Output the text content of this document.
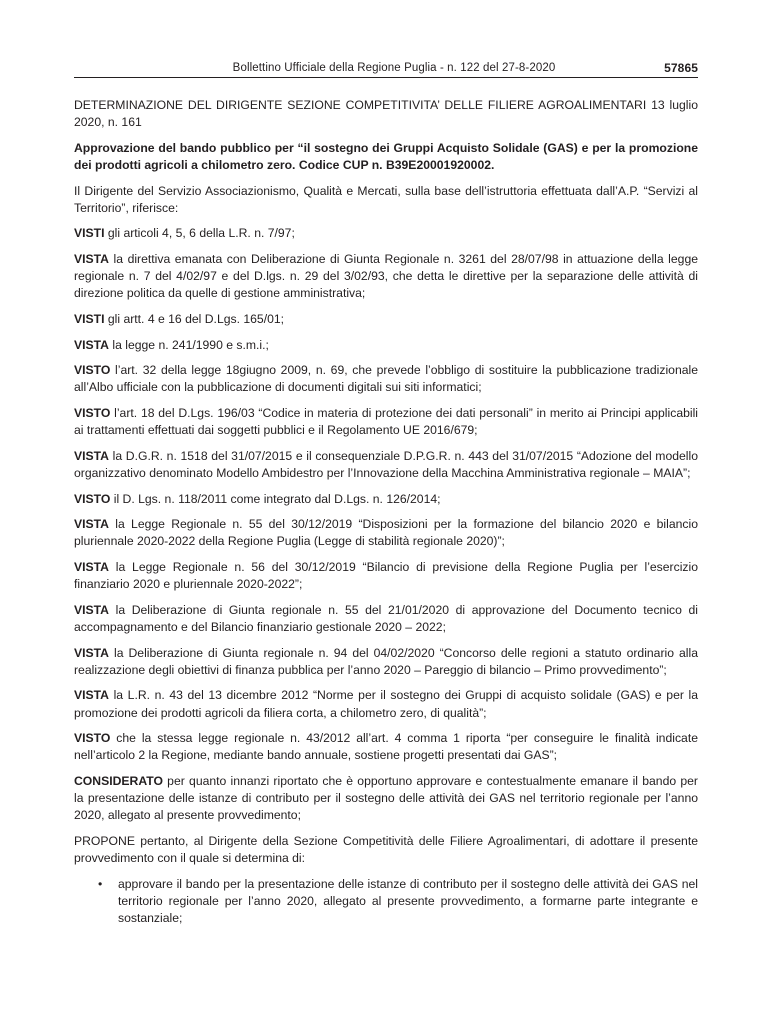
Bollettino Ufficiale della Regione Puglia - n. 122 del 27-8-2020	57865

DETERMINAZIONE DEL DIRIGENTE SEZIONE COMPETITIVITA’ DELLE FILIERE AGROALIMENTARI 13 luglio 2020, n. 161

Approvazione del bando pubblico per “il sostegno dei Gruppi Acquisto Solidale (GAS) e per la promozione dei prodotti agricoli a chilometro zero. Codice CUP n. B39E20001920002.

Il Dirigente del Servizio Associazionismo, Qualità e Mercati, sulla base dell’istruttoria effettuata dall’A.P. “Servizi al Territorio”, riferisce:

VISTI gli articoli 4, 5, 6 della L.R. n. 7/97;

VISTA la direttiva emanata con Deliberazione di Giunta Regionale n. 3261 del 28/07/98 in attuazione della legge regionale n. 7 del 4/02/97 e del D.lgs. n. 29 del 3/02/93, che detta le direttive per la separazione delle attività di direzione politica da quelle di gestione amministrativa;

VISTI gli artt. 4 e 16 del D.Lgs. 165/01;

VISTA la legge n. 241/1990 e s.m.i.;

VISTO l’art. 32 della legge 18giugno 2009, n. 69, che prevede l’obbligo di sostituire la pubblicazione tradizionale all’Albo ufficiale con la pubblicazione di documenti digitali sui siti informatici;

VISTO l’art. 18 del D.Lgs. 196/03 “Codice in materia di protezione dei dati personali” in merito ai Principi applicabili ai trattamenti effettuati dai soggetti pubblici e il Regolamento UE 2016/679;

VISTA la D.G.R. n. 1518 del 31/07/2015 e il consequenziale D.P.G.R. n. 443 del 31/07/2015 “Adozione del modello organizzativo denominato Modello Ambidestro per l’Innovazione della Macchina Amministrativa regionale – MAIA”;

VISTO il D. Lgs. n. 118/2011 come integrato dal D.Lgs. n. 126/2014;

VISTA la Legge Regionale n. 55 del 30/12/2019 “Disposizioni per la formazione del bilancio 2020 e bilancio pluriennale 2020-2022 della Regione Puglia (Legge di stabilità regionale 2020)”;

VISTA la Legge Regionale n. 56 del 30/12/2019 “Bilancio di previsione della Regione Puglia per l’esercizio finanziario 2020 e pluriennale 2020-2022”;

VISTA la Deliberazione di Giunta regionale n. 55 del 21/01/2020 di approvazione del Documento tecnico di accompagnamento e del Bilancio finanziario gestionale 2020 – 2022;

VISTA la Deliberazione di Giunta regionale n. 94 del 04/02/2020 “Concorso delle regioni a statuto ordinario alla realizzazione degli obiettivi di finanza pubblica per l’anno 2020 – Pareggio di bilancio – Primo provvedimento”;

VISTA la L.R. n. 43 del 13 dicembre 2012 “Norme per il sostegno dei Gruppi di acquisto solidale (GAS) e per la promozione dei prodotti agricoli da filiera corta, a chilometro zero, di qualità”;

VISTO che la stessa legge regionale n. 43/2012 all’art. 4 comma 1 riporta “per conseguire le finalità indicate nell’articolo 2 la Regione, mediante bando annuale, sostiene progetti presentati dai GAS”;

CONSIDERATO per quanto innanzi riportato che è opportuno approvare e contestualmente emanare il bando per la presentazione delle istanze di contributo per il sostegno delle attività dei GAS nel territorio regionale per l’anno 2020, allegato al presente provvedimento;

PROPONE pertanto, al Dirigente della Sezione Competitività delle Filiere Agroalimentari, di adottare il presente provvedimento con il quale si determina di:

• approvare il bando per la presentazione delle istanze di contributo per il sostegno delle attività dei GAS nel territorio regionale per l’anno 2020, allegato al presente provvedimento, a formarne parte integrante e sostanziale;
